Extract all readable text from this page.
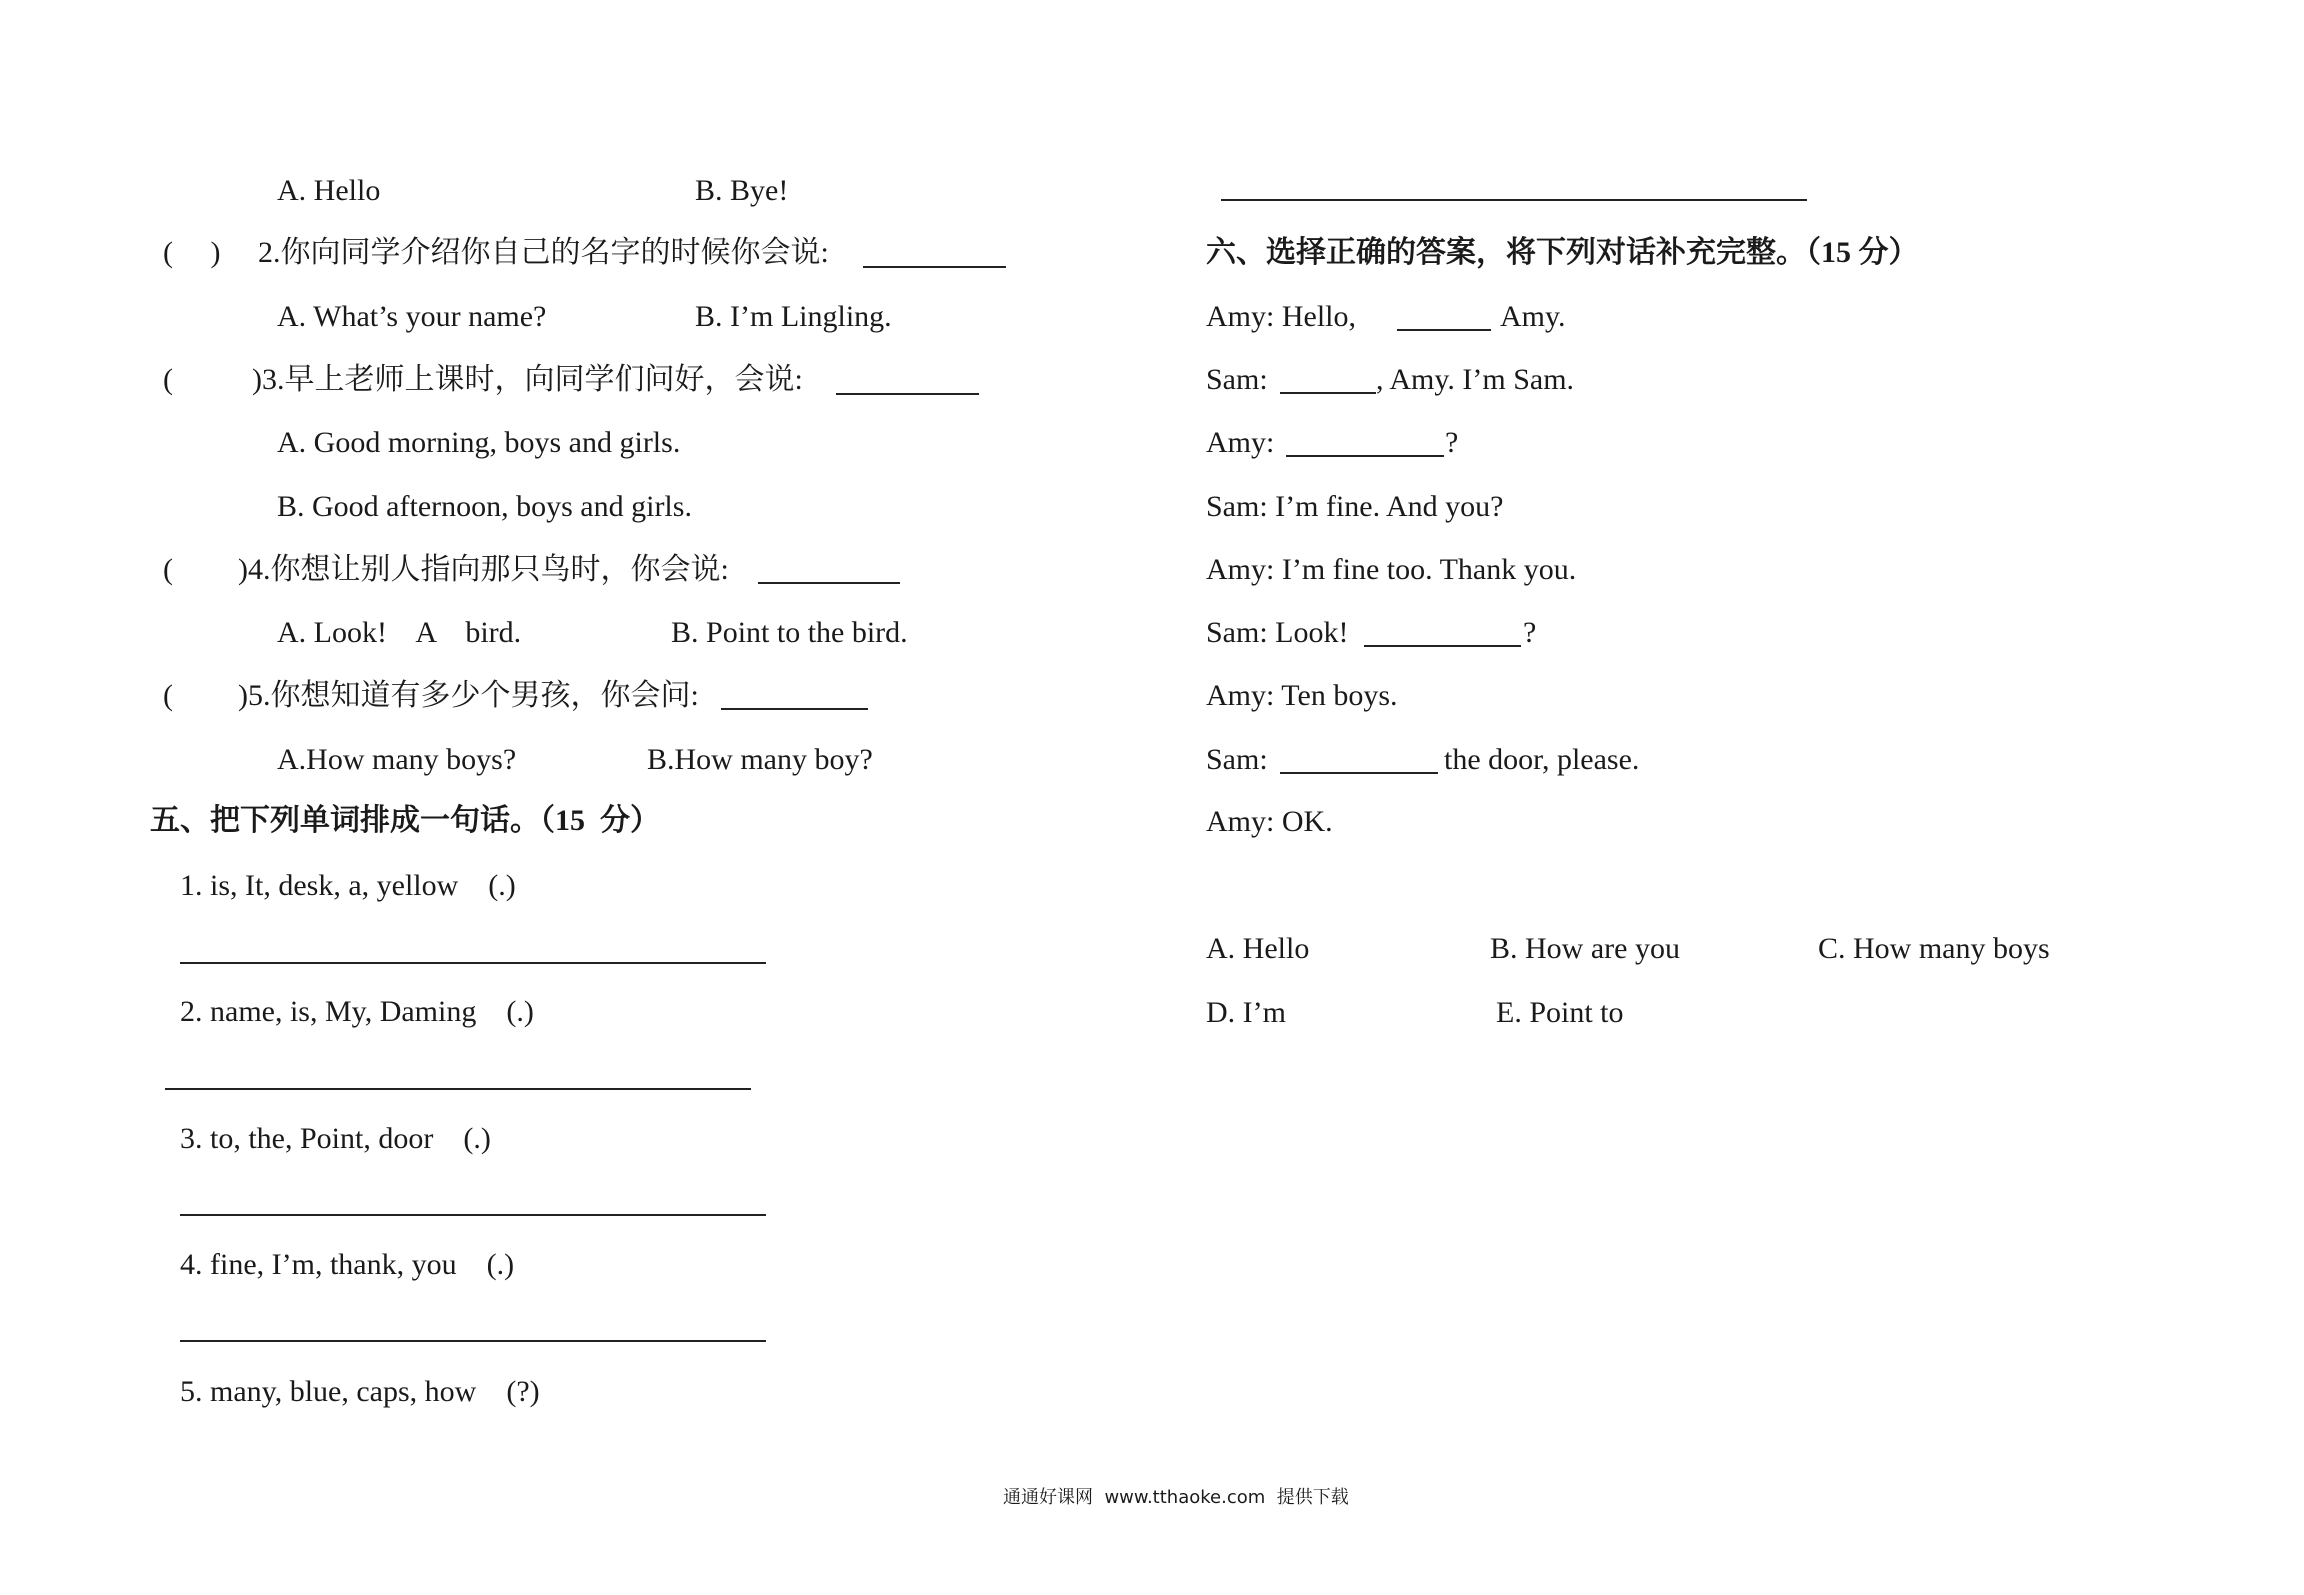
A. Hello	B. Bye!
(     ) 2.你向同学介绍你自己的名字的时候你会说:
A. What’s your name?	B. I’m Lingling.
(	)3.早上老师上课时，向同学们问好，会说:
A. Good morning, boys and girls.
B. Good afternoon, boys and girls.
( )4.你想让别人指向那只鸟时，你会说:
A. Look!    A    bird.	B. Point to the bird.
( )5.你想知道有多少个男孩，你会问:
A.How many boys?	B.How many boy?
五、把下列单词排成一句话。（15  分）
1. is, It, desk, a, yellow    (.)
2. name, is, My, Daming    (.)
3. to, the, Point, door    (.)
4. fine, I’m, thank, you    (.)
5. many, blue, caps, how    (?)
六、选择正确的答案，将下列对话补充完整。（15 分）
Amy: Hello,	Amy.
Sam:	, Amy. I’m Sam.
Amy:	?
Sam: I’m fine. And you?
Amy: I’m fine too. Thank you.
Sam: Look!	?
Amy: Ten boys.
Sam:	the door, please.
Amy: OK.
A. Hello	B. How are you	C. How many boys
D. I’m	E. Point to
通通好课网  www.tthaoke.com  提供下载
